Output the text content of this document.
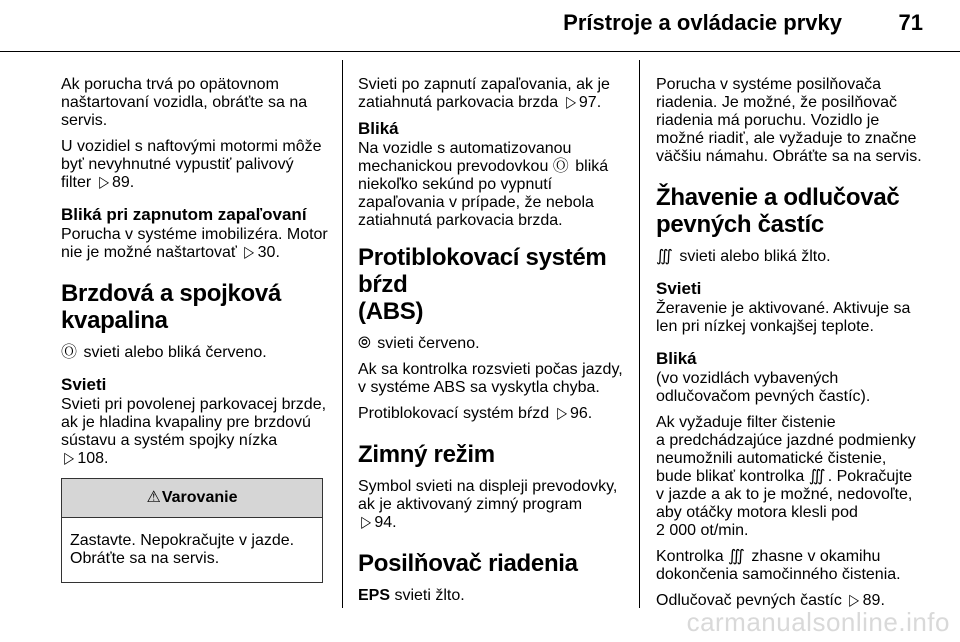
Prístroje a ovládacie prvky	71

Ak porucha trvá po opätovnom
naštartovaní vozidla, obráťte sa na
servis.

U vozidiel s naftovými motormi môže
byť nevyhnutné vypustiť palivový
filter ▷ 89.

Bliká pri zapnutom zapaľovaní

Porucha v systéme imobilizéra. Motor
nie je možné naštartovať ▷ 30.

Brzdová a spojková
kvapalina

Ⓞ svieti alebo bliká červeno.

Svieti

Svieti pri povolenej parkovacej brzde,
ak je hladina kvapaliny pre brzdovú
sústavu a systém spojky nízka
▷ 108.

⚠Varovanie
Zastavte. Nepokračujte v jazde.
Obráťte sa na servis.

Svieti po zapnutí zapaľovania, ak je
zatiahnutá parkovacia brzda ▷ 97.

Bliká

Na vozidle s automatizovanou
mechanickou prevodovkou Ⓞ bliká
niekoľko sekúnd po vypnutí
zapaľovania v prípade, že nebola
zatiahnutá parkovacia brzda.

Protiblokovací systém bŕzd
(ABS)

⦾ svieti červeno.

Ak sa kontrolka rozsvieti počas jazdy,
v systéme ABS sa vyskytla chyba.

Protiblokovací systém bŕzd ▷ 96.

Zimný režim

Symbol svieti na displeji prevodovky,
ak je aktivovaný zimný program
▷ 94.

Posilňovač riadenia

EPS svieti žlto.

Porucha v systéme posilňovača
riadenia. Je možné, že posilňovač
riadenia má poruchu. Vozidlo je
možné riadiť, ale vyžaduje to značne
väčšiu námahu. Obráťte sa na servis.

Žhavenie a odlučovač
pevných častíc

∭ svieti alebo bliká žlto.

Svieti

Žeravenie je aktivované. Aktivuje sa
len pri nízkej vonkajšej teplote.

Bliká

(vo vozidlách vybavených
odlučovačom pevných častíc).

Ak vyžaduje filter čistenie
a predchádzajúce jazdné podmienky
neumožnili automatické čistenie,
bude blikať kontrolka ∭ . Pokračujte
v jazde a ak to je možné, nedovoľte,
aby otáčky motora klesli pod
2 000 ot/min.

Kontrolka ∭ zhasne v okamihu
dokončenia samočinného čistenia.

Odlučovač pevných častíc ▷ 89.

carmanualsonline.info
